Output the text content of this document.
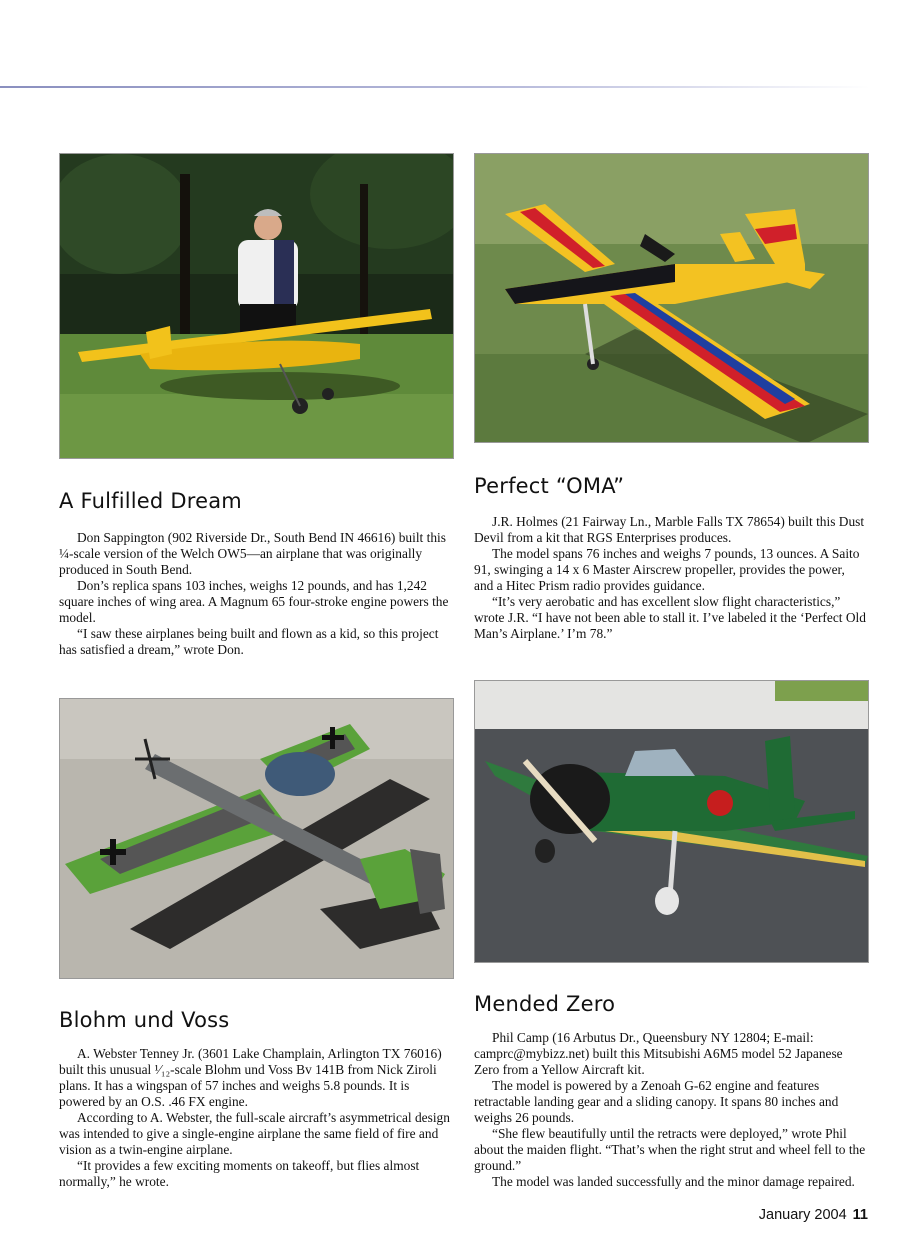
A Fulfilled Dream

Don Sappington (902 Riverside Dr., South Bend IN 46616) built this ¼-scale version of the Welch OW5—an airplane that was originally produced in South Bend.

Don’s replica spans 103 inches, weighs 12 pounds, and has 1,242 square inches of wing area. A Magnum 65 four-stroke engine powers the model.

“I saw these airplanes being built and flown as a kid, so this project has satisfied a dream,” wrote Don.

Perfect “OMA”

J.R. Holmes (21 Fairway Ln., Marble Falls TX 78654) built this Dust Devil from a kit that RGS Enterprises produces.

The model spans 76 inches and weighs 7 pounds, 13 ounces. A Saito 91, swinging a 14 x 6 Master Airscrew propeller, provides the power, and a Hitec Prism radio provides guidance.

“It’s very aerobatic and has excellent slow flight characteristics,” wrote J.R. “I have not been able to stall it. I’ve labeled it the ‘Perfect Old Man’s Airplane.’ I’m 78.”

Blohm und Voss

A. Webster Tenney Jr. (3601 Lake Champlain, Arlington TX 76016) built this unusual ¹⁄₁₂-scale Blohm und Voss Bv 141B from Nick Ziroli plans. It has a wingspan of 57 inches and weighs 5.8 pounds. It is powered by an O.S. .46 FX engine.

According to A. Webster, the full-scale aircraft’s asymmetrical design was intended to give a single-engine airplane the same field of fire and vision as a twin-engine airplane.

“It provides a few exciting moments on takeoff, but flies almost normally,” he wrote.

Mended Zero

Phil Camp (16 Arbutus Dr., Queensbury NY 12804; E-mail: camprc@mybizz.net) built this Mitsubishi A6M5 model 52 Japanese Zero from a Yellow Aircraft kit.

The model is powered by a Zenoah G-62 engine and features retractable landing gear and a sliding canopy. It spans 80 inches and weighs 26 pounds.

“She flew beautifully until the retracts were deployed,” wrote Phil about the maiden flight. “That’s when the right strut and wheel fell to the ground.”

The model was landed successfully and the minor damage repaired.

January 2004 11
